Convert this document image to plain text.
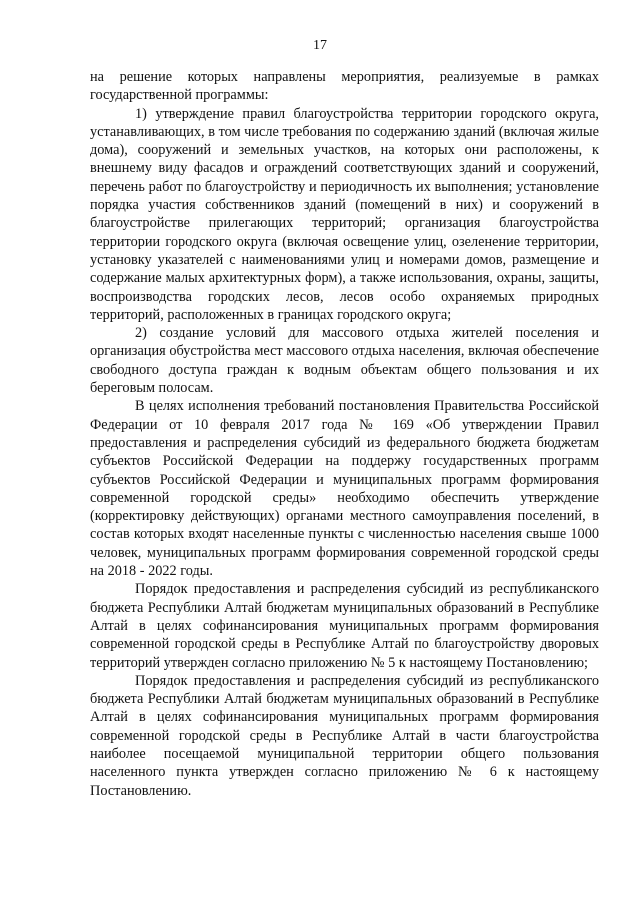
17

на решение которых направлены мероприятия, реализуемые в рамках государственной программы:

1) утверждение правил благоустройства территории городского округа, устанавливающих, в том числе требования по содержанию зданий (включая жилые дома), сооружений и земельных участков, на которых они расположены, к внешнему виду фасадов и ограждений соответствующих зданий и сооружений, перечень работ по благоустройству и периодичность их выполнения; установление порядка участия собственников зданий (помещений в них) и сооружений в благоустройстве прилегающих территорий; организация благоустройства территории городского округа (включая освещение улиц, озеленение территории, установку указателей с наименованиями улиц и номерами домов, размещение и содержание малых архитектурных форм), а также использования, охраны, защиты, воспроизводства городских лесов, лесов особо охраняемых природных территорий, расположенных в границах городского округа;

2) создание условий для массового отдыха жителей поселения и организация обустройства мест массового отдыха населения, включая обеспечение свободного доступа граждан к водным объектам общего пользования и их береговым полосам.

В целях исполнения требований постановления Правительства Российской Федерации от 10 февраля 2017 года № 169 «Об утверждении Правил предоставления и распределения субсидий из федерального бюджета бюджетам субъектов Российской Федерации на поддержу государственных программ субъектов Российской Федерации и муниципальных программ формирования современной городской среды» необходимо обеспечить утверждение (корректировку действующих) органами местного самоуправления поселений, в состав которых входят населенные пункты с численностью населения свыше 1000 человек, муниципальных программ формирования современной городской среды на 2018 - 2022 годы.

Порядок предоставления и распределения субсидий из республиканского бюджета Республики Алтай бюджетам муниципальных образований в Республике Алтай в целях софинансирования муниципальных программ формирования современной городской среды в Республике Алтай по благоустройству дворовых территорий утвержден согласно приложению № 5 к настоящему Постановлению;

Порядок предоставления и распределения субсидий из республиканского бюджета Республики Алтай бюджетам муниципальных образований в Республике Алтай в целях софинансирования муниципальных программ формирования современной городской среды в Республике Алтай в части благоустройства наиболее посещаемой муниципальной территории общего пользования населенного пункта утвержден согласно приложению № 6 к настоящему Постановлению.
